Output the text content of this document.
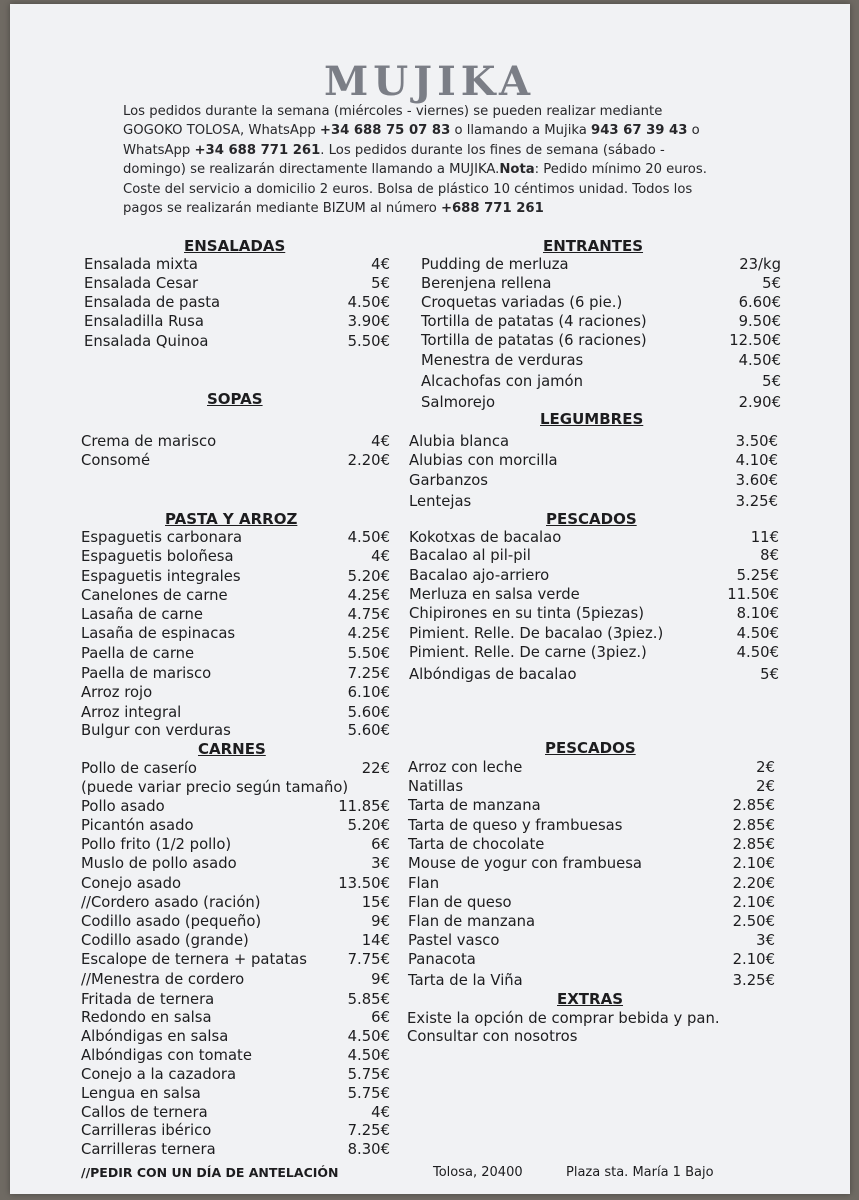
MUJIKA
Los pedidos durante la semana (miércoles - viernes) se pueden realizar mediante GOGOKO TOLOSA, WhatsApp +34 688 75 07 83 o llamando a Mujika 943 67 39 43 o WhatsApp +34 688 771 261. Los pedidos durante los fines de semana (sábado - domingo) se realizarán directamente llamando a MUJIKA.Nota: Pedido mínimo 20 euros. Coste del servicio a domicilio 2 euros. Bolsa de plástico 10 céntimos unidad. Todos los pagos se realizarán mediante BIZUM al número +688 771 261
ENSALADAS
SOPAS
PASTA Y ARROZ
CARNES
ENTRANTES
LEGUMBRES
PESCADOS
PESCADOS
EXTRAS
Ensalada mixta	4€
Ensalada Cesar	5€
Ensalada de pasta	4.50€
Ensaladilla Rusa	3.90€
Ensalada Quinoa	5.50€
Crema de marisco	4€
Consomé	2.20€
Espaguetis carbonara	4.50€
Espaguetis boloñesa	4€
Espaguetis integrales	5.20€
Canelones de carne	4.25€
Lasaña de carne	4.75€
Lasaña de espinacas	4.25€
Paella de carne	5.50€
Paella de marisco	7.25€
Arroz rojo	6.10€
Arroz integral	5.60€
Bulgur con verduras	5.60€
Pollo de caserío	22€
(puede variar precio según tamaño)
Pollo asado	11.85€
Picantón asado	5.20€
Pollo frito (1/2 pollo)	6€
Muslo de pollo asado	3€
Conejo asado	13.50€
//Cordero asado (ración)	15€
Codillo asado (pequeño)	9€
Codillo asado (grande)	14€
Escalope de ternera + patatas	7.75€
//Menestra de cordero	9€
Fritada de ternera	5.85€
Redondo en salsa	6€
Albóndigas en salsa	4.50€
Albóndigas con tomate	4.50€
Conejo a la cazadora	5.75€
Lengua en salsa	5.75€
Callos de ternera	4€
Carrilleras ibérico	7.25€
Carrilleras ternera	8.30€
Pudding de merluza	23/kg
Berenjena rellena	5€
Croquetas variadas (6 pie.)	6.60€
Tortilla de patatas (4 raciones)	9.50€
Tortilla de patatas (6 raciones)	12.50€
Menestra de verduras	4.50€
Alcachofas con jamón	5€
Salmorejo	2.90€
Alubia blanca	3.50€
Alubias con morcilla	4.10€
Garbanzos	3.60€
Lentejas	3.25€
Kokotxas de bacalao	11€
Bacalao al pil-pil	8€
Bacalao ajo-arriero	5.25€
Merluza en salsa verde	11.50€
Chipirones en su tinta (5piezas)	8.10€
Pimient. Relle. De bacalao (3piez.)	4.50€
Pimient. Relle. De carne (3piez.)	4.50€
Albóndigas de bacalao	5€
Arroz con leche	2€
Natillas	2€
Tarta de manzana	2.85€
Tarta de queso y frambuesas	2.85€
Tarta de chocolate	2.85€
Mouse de yogur con frambuesa	2.10€
Flan	2.20€
Flan de queso	2.10€
Flan de manzana	2.50€
Pastel vasco	3€
Panacota	2.10€
Tarta de la Viña	3.25€
Existe la opción de comprar bebida y pan.
Consultar con nosotros
//PEDIR CON UN DÍA DE ANTELACIÓN	Tolosa, 20400	Plaza sta. María 1 Bajo
